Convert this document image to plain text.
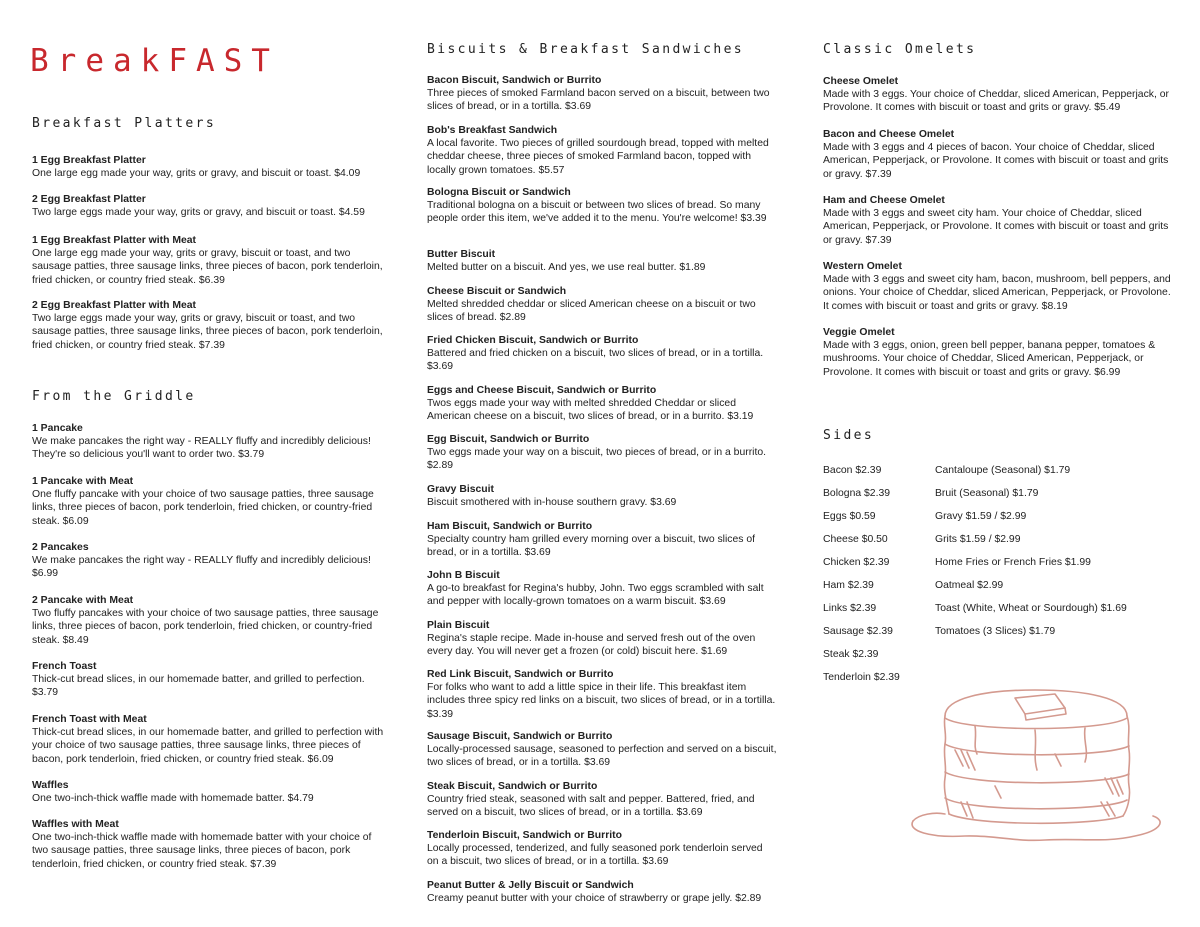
BreakFAST
Breakfast Platters
1 Egg Breakfast Platter
One large egg made your way, grits or gravy, and biscuit or toast. $4.09
2 Egg Breakfast Platter
Two large eggs made your way, grits or gravy, and biscuit or toast. $4.59
1 Egg Breakfast Platter with Meat
One large egg made your way, grits or gravy, biscuit or toast, and two sausage patties, three sausage links, three pieces of bacon, pork tenderloin, fried chicken, or country fried steak. $6.39
2 Egg Breakfast Platter with Meat
Two large eggs made your way, grits or gravy, biscuit or toast, and two sausage patties, three sausage links, three pieces of bacon, pork tenderloin, fried chicken, or country fried steak. $7.39
From the Griddle
1 Pancake
We make pancakes the right way - REALLY fluffy and incredibly delicious! They're so delicious you'll want to order two. $3.79
1 Pancake with Meat
One fluffy pancake with your choice of two sausage patties, three sausage links, three pieces of bacon, pork tenderloin, fried chicken, or country-fried steak. $6.09
2 Pancakes
We make pancakes the right way - REALLY fluffy and incredibly delicious! $6.99
2 Pancake with Meat
Two fluffy pancakes with your choice of two sausage patties, three sausage links, three pieces of bacon, pork tenderloin, fried chicken, or country-fried steak. $8.49
French Toast
Thick-cut bread slices, in our homemade batter, and grilled to perfection. $3.79
French Toast with Meat
Thick-cut bread slices, in our homemade batter, and grilled to perfection with your choice of two sausage patties, three sausage links, three pieces of bacon, pork tenderloin, fried chicken, or country fried steak. $6.09
Waffles
One two-inch-thick waffle made with homemade batter. $4.79
Waffles with Meat
One two-inch-thick waffle made with homemade batter with your choice of two sausage patties, three sausage links, three pieces of bacon, pork tenderloin, fried chicken, or country fried steak. $7.39
Biscuits & Breakfast Sandwiches
Bacon Biscuit, Sandwich or Burrito
Three pieces of smoked Farmland bacon served on a biscuit, between two slices of bread, or in a tortilla. $3.69
Bob's Breakfast Sandwich
A local favorite. Two pieces of grilled sourdough bread, topped with melted cheddar cheese, three pieces of smoked Farmland bacon, topped with locally grown tomatoes. $5.57
Bologna Biscuit or Sandwich
Traditional bologna on a biscuit or between two slices of bread. So many people order this item, we've added it to the menu. You're welcome! $3.39
Butter Biscuit
Melted butter on a biscuit. And yes, we use real butter. $1.89
Cheese Biscuit or Sandwich
Melted shredded cheddar or sliced American cheese on a biscuit or two slices of bread. $2.89
Fried Chicken Biscuit, Sandwich or Burrito
Battered and fried chicken on a biscuit, two slices of bread, or in a tortilla. $3.69
Eggs and Cheese Biscuit, Sandwich or Burrito
Twos eggs made your way with melted shredded Cheddar or sliced American cheese on a biscuit, two slices of bread, or in a burrito. $3.19
Egg Biscuit, Sandwich or Burrito
Two eggs made your way on a biscuit, two pieces of bread, or in a burrito. $2.89
Gravy Biscuit
Biscuit smothered with in-house southern gravy. $3.69
Ham Biscuit, Sandwich or Burrito
Specialty country ham grilled every morning over a biscuit, two slices of bread, or in a tortilla. $3.69
John B Biscuit
A go-to breakfast for Regina's hubby, John. Two eggs scrambled with salt and pepper with locally-grown tomatoes on a warm biscuit. $3.69
Plain Biscuit
Regina's staple recipe. Made in-house and served fresh out of the oven every day. You will never get a frozen (or cold) biscuit here. $1.69
Red Link Biscuit, Sandwich or Burrito
For folks who want to add a little spice in their life. This breakfast item includes three spicy red links on a biscuit, two slices of bread, or in a tortilla. $3.39
Sausage Biscuit, Sandwich or Burrito
Locally-processed sausage, seasoned to perfection and served on a biscuit, two slices of bread, or in a tortilla. $3.69
Steak Biscuit, Sandwich or Burrito
Country fried steak, seasoned with salt and pepper. Battered, fried, and served on a biscuit, two slices of bread, or in a tortilla. $3.69
Tenderloin Biscuit, Sandwich or Burrito
Locally processed, tenderized, and fully seasoned pork tenderloin served on a biscuit, two slices of bread, or in a tortilla. $3.69
Peanut Butter & Jelly Biscuit or Sandwich
Creamy peanut butter with your choice of strawberry or grape jelly. $2.89
Classic Omelets
Cheese Omelet
Made with 3 eggs. Your choice of Cheddar, sliced American, Pepperjack, or Provolone. It comes with biscuit or toast and grits or gravy. $5.49
Bacon and Cheese Omelet
Made with 3 eggs and 4 pieces of bacon. Your choice of Cheddar, sliced American, Pepperjack, or Provolone. It comes with biscuit or toast and grits or gravy. $7.39
Ham and Cheese Omelet
Made with 3 eggs and sweet city ham. Your choice of Cheddar, sliced American, Pepperjack, or Provolone. It comes with biscuit or toast and grits or gravy. $7.39
Western Omelet
Made with 3 eggs and sweet city ham, bacon, mushroom, bell peppers, and onions. Your choice of Cheddar, sliced American, Pepperjack, or Provolone. It comes with biscuit or toast and grits or gravy. $8.19
Veggie Omelet
Made with 3 eggs, onion, green bell pepper, banana pepper, tomatoes & mushrooms. Your choice of Cheddar, Sliced American, Pepperjack, or Provolone. It comes with biscuit or toast and grits or gravy. $6.99
Sides
Bacon $2.39
Bologna $2.39
Eggs $0.59
Cheese $0.50
Chicken $2.39
Ham $2.39
Links $2.39
Sausage $2.39
Steak $2.39
Tenderloin $2.39
Cantaloupe (Seasonal) $1.79
Bruit (Seasonal) $1.79
Gravy $1.59 / $2.99
Grits $1.59 / $2.99
Home Fries or French Fries $1.99
Oatmeal $2.99
Toast (White, Wheat or Sourdough) $1.69
Tomatoes (3 Slices) $1.79
